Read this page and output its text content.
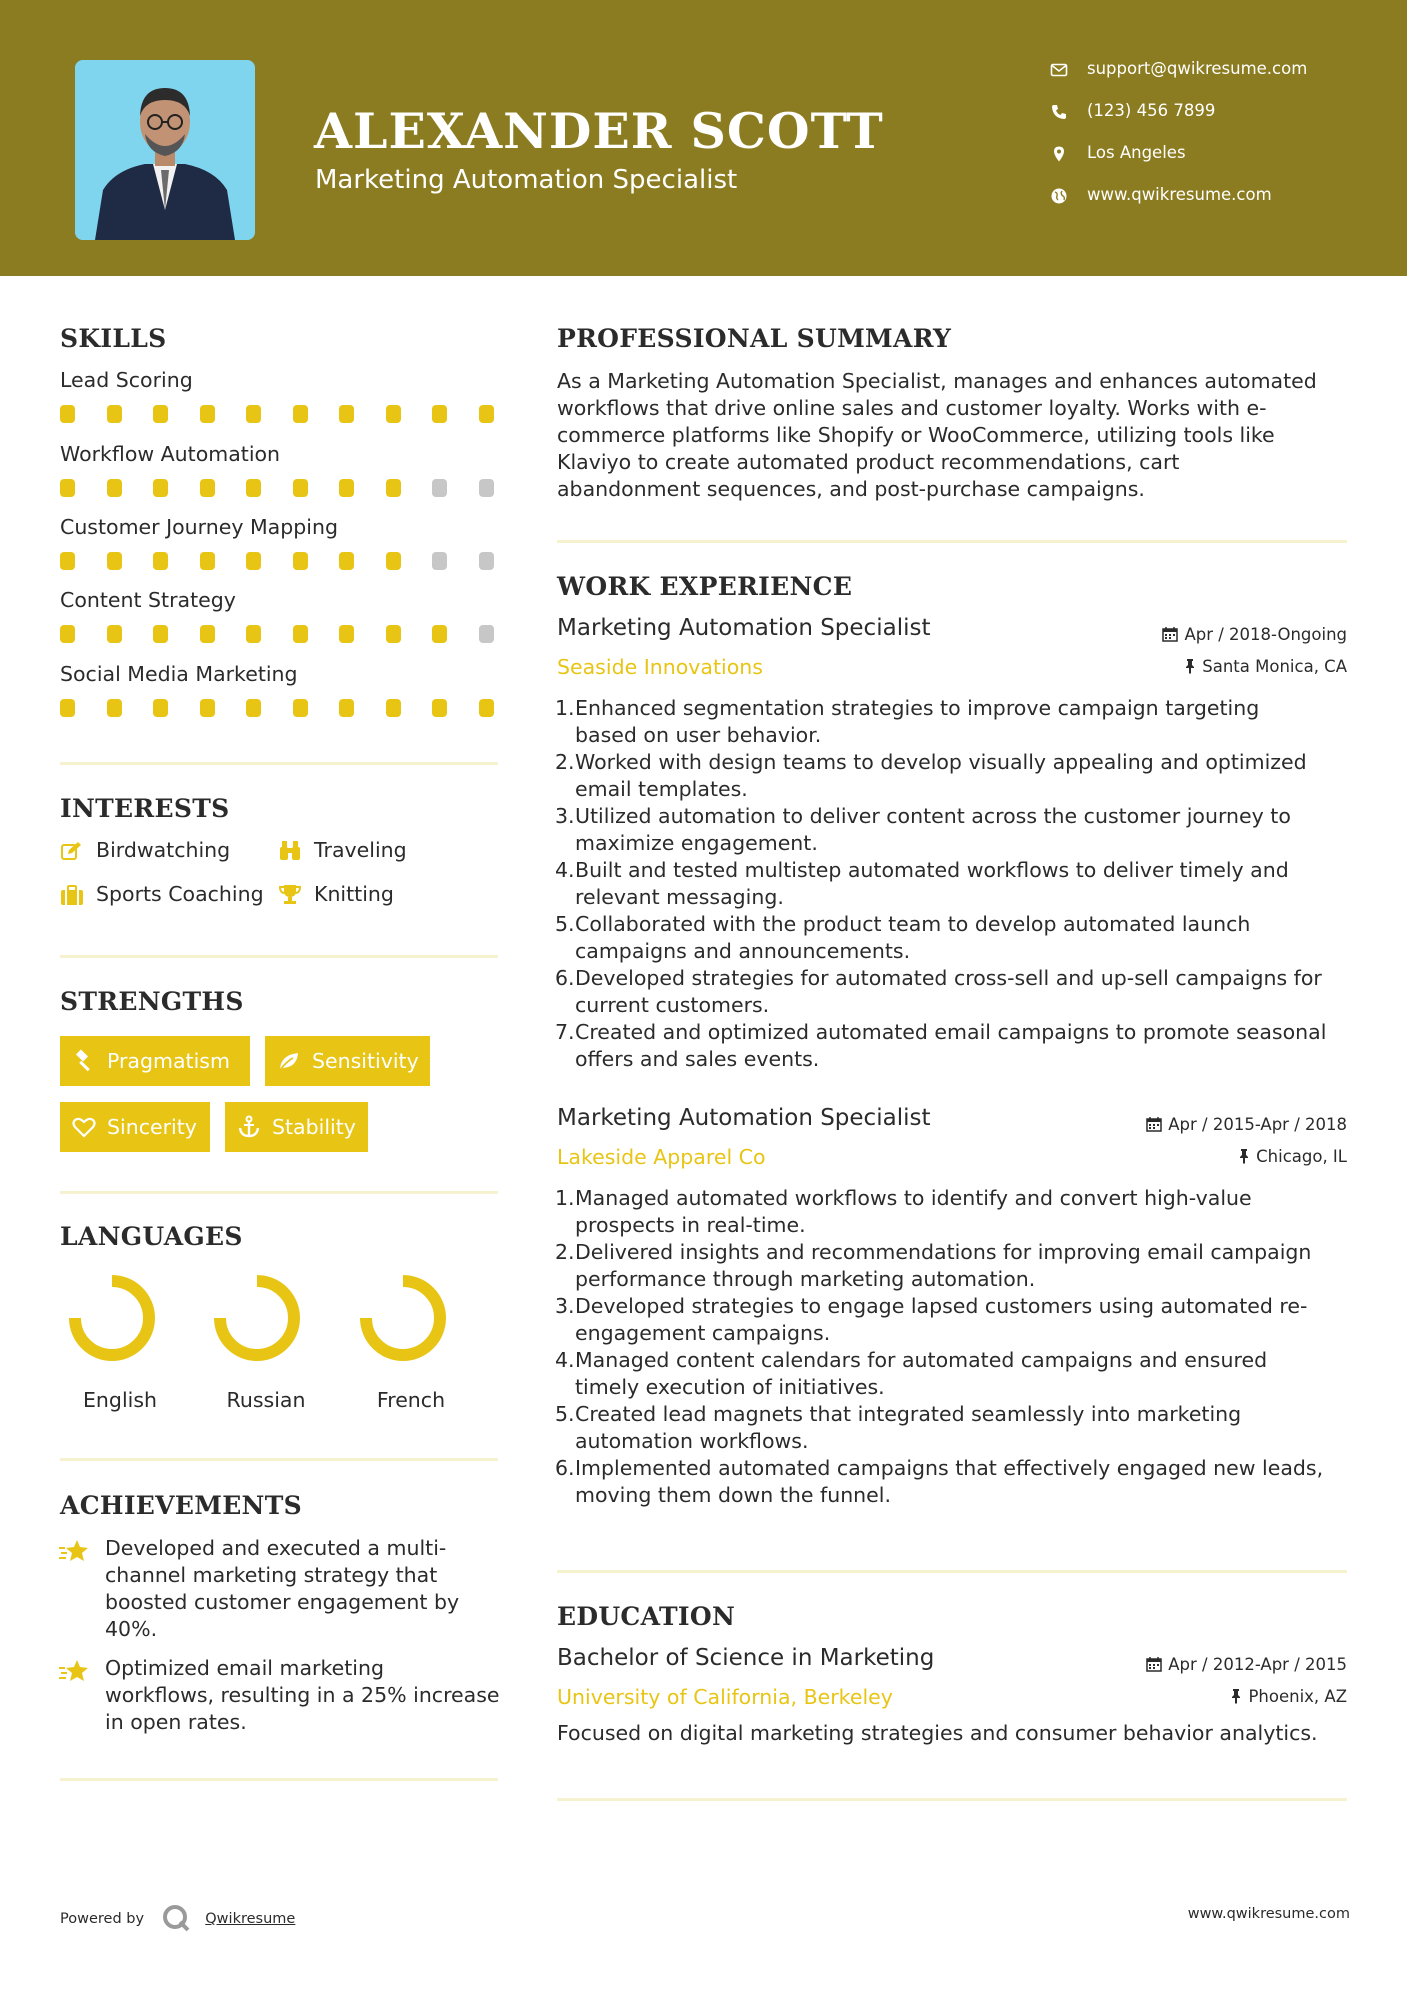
ALEXANDER SCOTT
Marketing Automation Specialist
support@qwikresume.com
(123) 456 7899
Los Angeles
www.qwikresume.com
SKILLS
Lead Scoring
Workflow Automation
Customer Journey Mapping
Content Strategy
Social Media Marketing
INTERESTS
Birdwatching	Traveling
Sports Coaching Knitting
STRENGTHS
Pragmatism	Sensitivity
Sincerity	Stability
LANGUAGES
English	Russian	French
ACHIEVEMENTS
Developed and executed a multi-
channel marketing strategy that
boosted customer engagement by
40%.
Optimized email marketing
workflows, resulting in a 25% increase
in open rates.
PROFESSIONAL SUMMARY
As a Marketing Automation Specialist, manages and enhances automated
workflows that drive online sales and customer loyalty. Works with e-
commerce platforms like Shopify or WooCommerce, utilizing tools like
Klaviyo to create automated product recommendations, cart
abandonment sequences, and post-purchase campaigns.
WORK EXPERIENCE
Marketing Automation Specialist
Seaside Innovations
Apr / 2018-Ongoing
Santa Monica, CA
Enhanced segmentation strategies to improve campaign targeting
based on user behavior.
Worked with design teams to develop visually appealing and optimized
email templates.
Utilized automation to deliver content across the customer journey to
maximize engagement.
Built and tested multistep automated workflows to deliver timely and
relevant messaging.
Collaborated with the product team to develop automated launch
campaigns and announcements.
Developed strategies for automated cross-sell and up-sell campaigns for
current customers.
Created and optimized automated email campaigns to promote seasonal
offers and sales events.
Marketing Automation Specialist
Lakeside Apparel Co
Apr / 2015-Apr / 2018
Chicago, IL
Managed automated workflows to identify and convert high-value
prospects in real-time.
Delivered insights and recommendations for improving email campaign
performance through marketing automation.
Developed strategies to engage lapsed customers using automated re-
engagement campaigns.
Managed content calendars for automated campaigns and ensured
timely execution of initiatives.
Created lead magnets that integrated seamlessly into marketing
automation workflows.
Implemented automated campaigns that effectively engaged new leads,
moving them down the funnel.
EDUCATION
Bachelor of Science in Marketing
University of California, Berkeley
Apr / 2012-Apr / 2015
Phoenix, AZ
Focused on digital marketing strategies and consumer behavior analytics.
Powered by	Qwikresume	www.qwikresume.com
